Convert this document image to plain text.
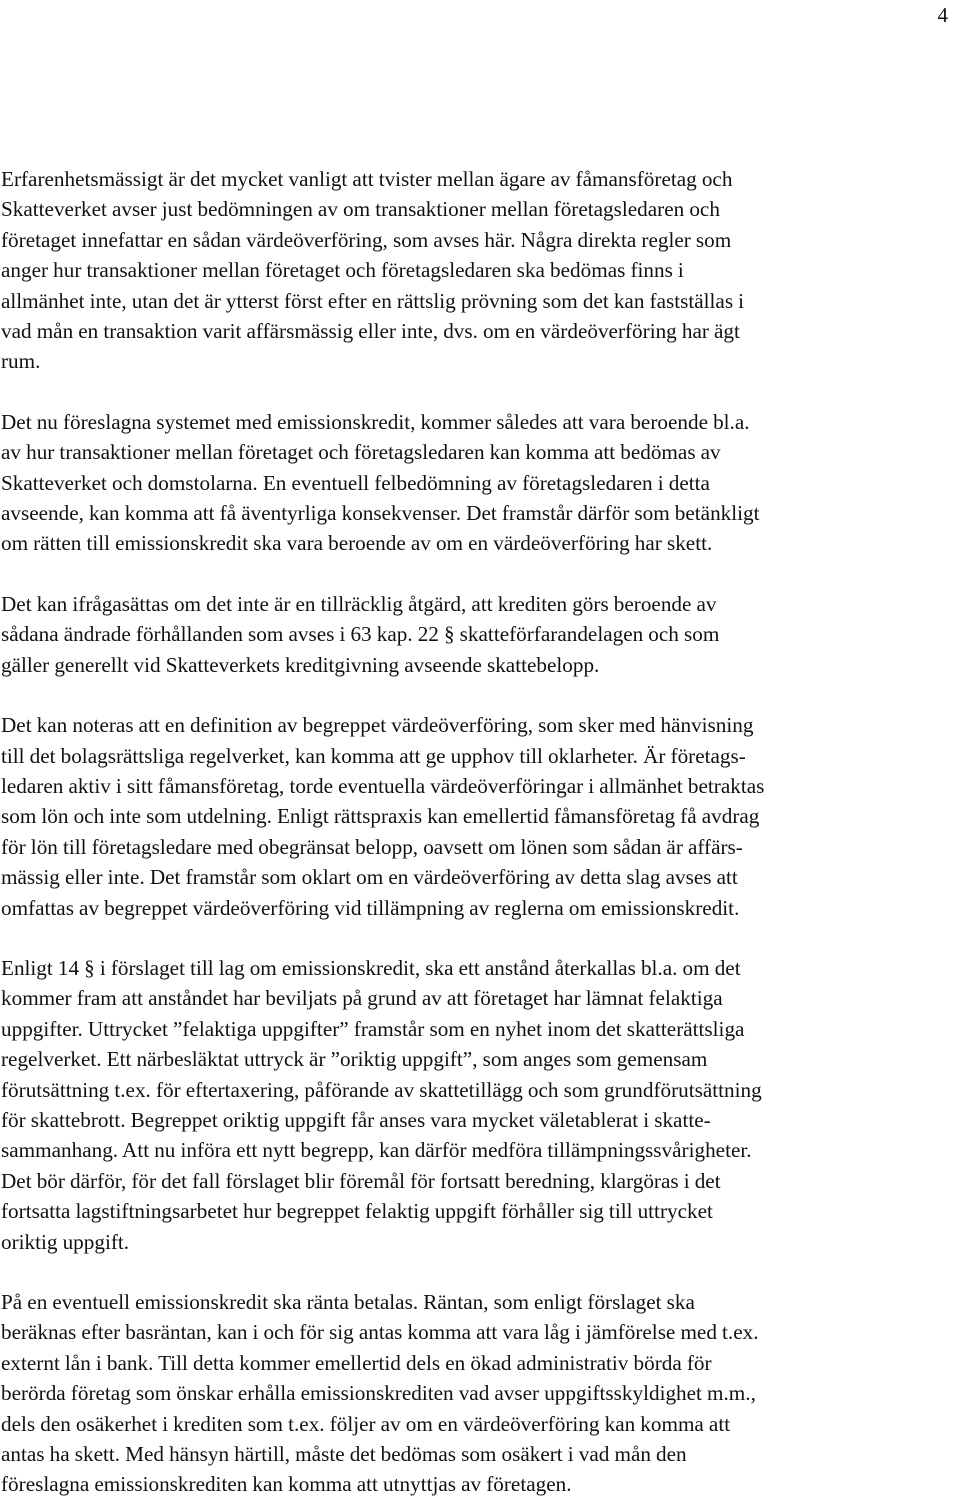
4
Erfarenhetsmässigt är det mycket vanligt att tvister mellan ägare av fåmansföretag och
Skatteverket avser just bedömningen av om transaktioner mellan företagsledaren och
företaget innefattar en sådan värdeöverföring, som avses här. Några direkta regler som
anger hur transaktioner mellan företaget och företagsledaren ska bedömas finns i
allmänhet inte, utan det är ytterst först efter en rättslig prövning som det kan fastställas i
vad mån en transaktion varit affärsmässig eller inte, dvs. om en värdeöverföring har ägt
rum.
Det nu föreslagna systemet med emissionskredit, kommer således att vara beroende bl.a.
av hur transaktioner mellan företaget och företagsledaren kan komma att bedömas av
Skatteverket och domstolarna. En eventuell felbedömning av företagsledaren i detta
avseende, kan komma att få äventyrliga konsekvenser. Det framstår därför som betänkligt
om rätten till emissionskredit ska vara beroende av om en värdeöverföring har skett.
Det kan ifrågasättas om det inte är en tillräcklig åtgärd, att krediten görs beroende av
sådana ändrade förhållanden som avses i 63 kap. 22 § skatteförfarandelagen och som
gäller generellt vid Skatteverkets kreditgivning avseende skattebelopp.
Det kan noteras att en definition av begreppet värdeöverföring, som sker med hänvisning
till det bolagsrättsliga regelverket, kan komma att ge upphov till oklarheter. Är företags-
ledaren aktiv i sitt fåmansföretag, torde eventuella värdeöverföringar i allmänhet betraktas
som lön och inte som utdelning. Enligt rättspraxis kan emellertid fåmansföretag få avdrag
för lön till företagsledare med obegränsat belopp, oavsett om lönen som sådan är affärs-
mässig eller inte. Det framstår som oklart om en värdeöverföring av detta slag avses att
omfattas av begreppet värdeöverföring vid tillämpning av reglerna om emissionskredit.
Enligt 14 § i förslaget till lag om emissionskredit, ska ett anstånd återkallas bl.a. om det
kommer fram att anståndet har beviljats på grund av att företaget har lämnat felaktiga
uppgifter. Uttrycket ”felaktiga uppgifter” framstår som en nyhet inom det skatterättsliga
regelverket. Ett närbesläktat uttryck är ”oriktig uppgift”, som anges som gemensam
förutsättning t.ex. för eftertaxering, påförande av skattetillägg och som grundförutsättning
för skattebrott. Begreppet oriktig uppgift får anses vara mycket väletablerat i skatte-
sammanhang. Att nu införa ett nytt begrepp, kan därför medföra tillämpningssvårigheter.
Det bör därför, för det fall förslaget blir föremål för fortsatt beredning, klargöras i det
fortsatta lagstiftningsarbetet hur begreppet felaktig uppgift förhåller sig till uttrycket
oriktig uppgift.
På en eventuell emissionskredit ska ränta betalas. Räntan, som enligt förslaget ska
beräknas efter basräntan, kan i och för sig antas komma att vara låg i jämförelse med t.ex.
externt lån i bank. Till detta kommer emellertid dels en ökad administrativ börda för
berörda företag som önskar erhålla emissionskrediten vad avser uppgiftsskyldighet m.m.,
dels den osäkerhet i krediten som t.ex. följer av om en värdeöverföring kan komma att
antas ha skett. Med hänsyn härtill, måste det bedömas som osäkert i vad mån den
föreslagna emissionskrediten kan komma att utnyttjas av företagen.
